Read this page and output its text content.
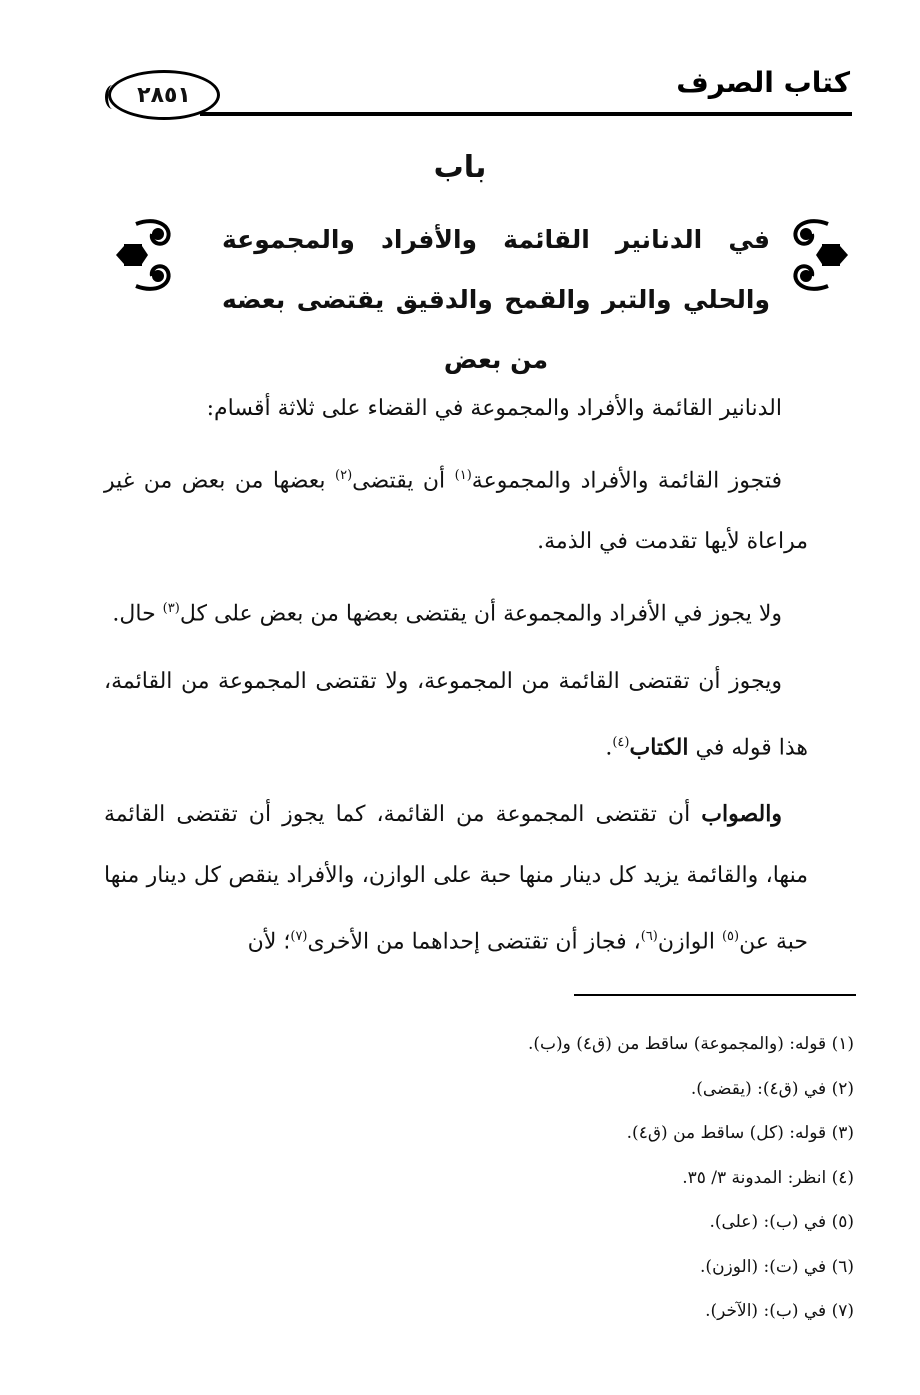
كتاب الصرف
٢٨٥١
باب
في الدنانير القائمة والأفراد والمجموعة والحلي والتبر والقمح والدقيق يقتضى بعضه من بعض

الدنانير القائمة والأفراد والمجموعة في القضاء على ثلاثة أقسام:

فتجوز القائمة والأفراد والمجموعة$^{(١)}$ أن يقتضى$^{(٢)}$ بعضها من بعض من غير مراعاة لأيها تقدمت في الذمة.

ولا يجوز في الأفراد والمجموعة أن يقتضى بعضها من بعض على كل$^{(٣)}$ حال.

ويجوز أن تقتضى القائمة من المجموعة، ولا تقتضى المجموعة من القائمة، هذا قوله في الكتاب$^{(٤)}$.

والصواب أن تقتضى المجموعة من القائمة، كما يجوز أن تقتضى القائمة منها، والقائمة يزيد كل دينار منها حبة على الوازن، والأفراد ينقص كل دينار منها حبة عن$^{(٥)}$ الوازن$^{(٦)}$، فجاز أن تقتضى إحداهما من الأخرى$^{(٧)}$؛ لأن

(١) قوله: (والمجموعة) ساقط من (ق٤) و(ب).
(٢) في (ق٤): (يقضى).
(٣) قوله: (كل) ساقط من (ق٤).
(٤) انظر: المدونة ٣/ ٣٥.
(٥) في (ب): (على).
(٦) في (ت): (الوزن).
(٧) في (ب): (الآخر).
